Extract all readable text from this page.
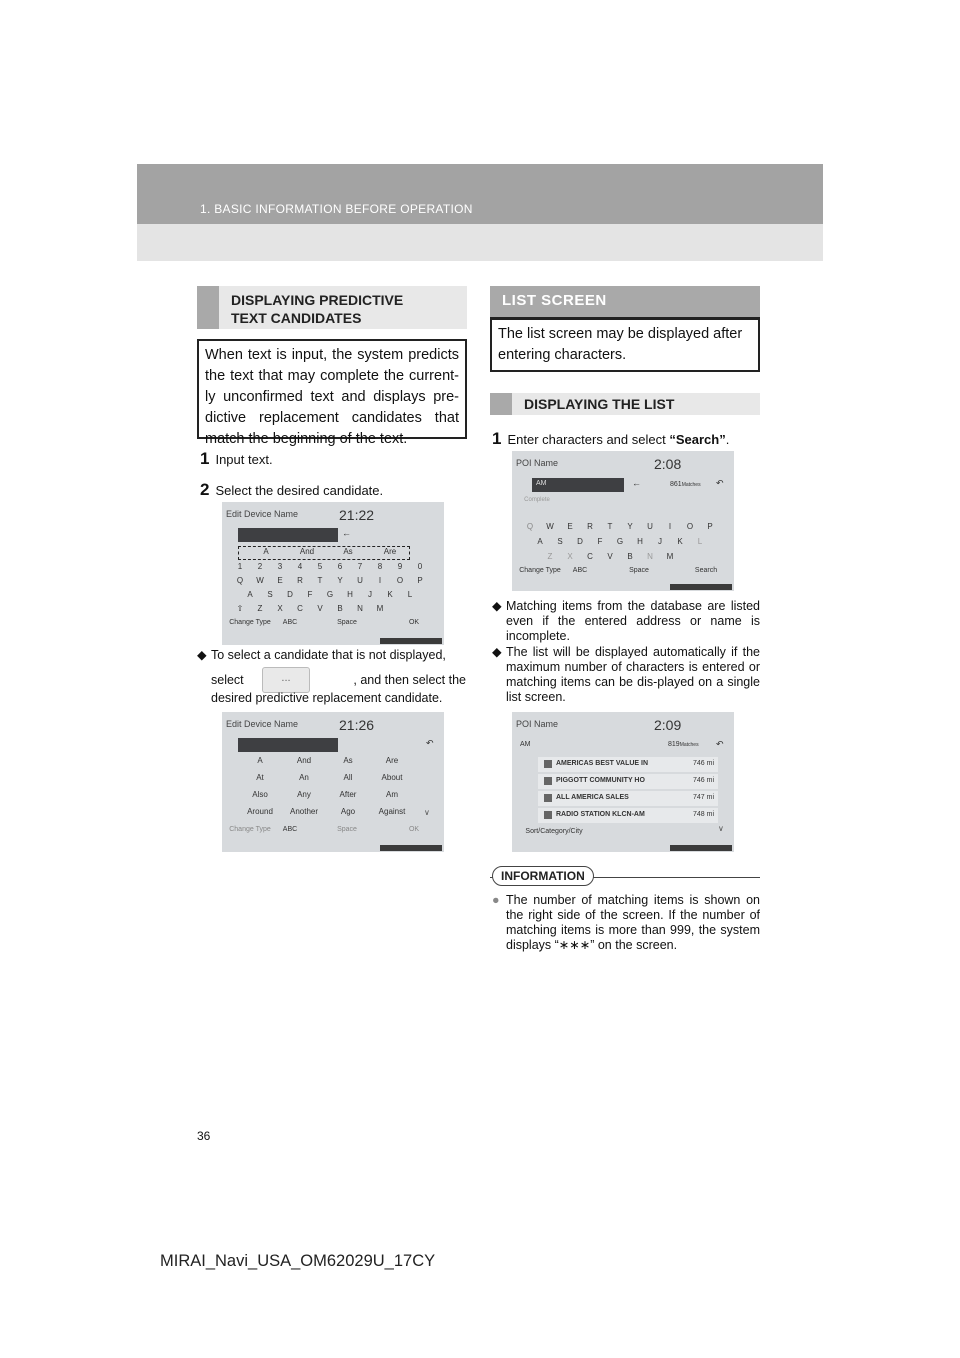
1. BASIC INFORMATION BEFORE OPERATION
DISPLAYING PREDICTIVE
TEXT CANDIDATES
When text is input, the system predicts the text that may complete the current-ly unconfirmed text and displays pre-dictive replacement candidates that match the beginning of the text.
1 Input text.
2 Select the desired candidate.
Edit Device Name	21:22
←
A	And	As	Are
1	2	3	4	5	6	7	8	9	0
Q	W	E	R	T	Y	U	I	O	P
A	S	D	F	G	H	J	K	L
⇧	Z	X	C	V	B	N	M
Change Type	ABC	Space	OK
◆ To select a candidate that is not displayed,
select	...	, and then select the
desired predictive replacement candidate.
Edit Device Name	21:26
↶
A	And	As	Are
At	An	All	About
Also	Any	After	Am
Around	Another	Ago	Against	∨
Change Type	ABC	Space	OK
LIST SCREEN
The list screen may be displayed after entering characters.
DISPLAYING THE LIST
1 Enter characters and select “Search”.
POI Name	2:08
AM	←	861Matches ↶
Complete
Q	W	E	R	T	Y	U	I	O	P
A	S	D	F	G	H	J	K	L
Z	X	C	V	B	N	M
Change Type	ABC	Space	Search
◆ Matching items from the database are listed even if the entered address or name is incomplete.
◆ The list will be displayed automatically if the maximum number of characters is entered or matching items can be dis-played on a single list screen.
POI Name	2:09
AM	819Matches ↶
AMERICAS BEST VALUE IN	746 mi
PIGGOTT COMMUNITY HO	746 mi
ALL AMERICA SALES	747 mi
RADIO STATION KLCN-AM	748 mi
∨
Sort/Category/City
INFORMATION
● The number of matching items is shown on the right side of the screen. If the number of matching items is more than 999, the system displays “∗∗∗” on the screen.
36
MIRAI_Navi_USA_OM62029U_17CY
